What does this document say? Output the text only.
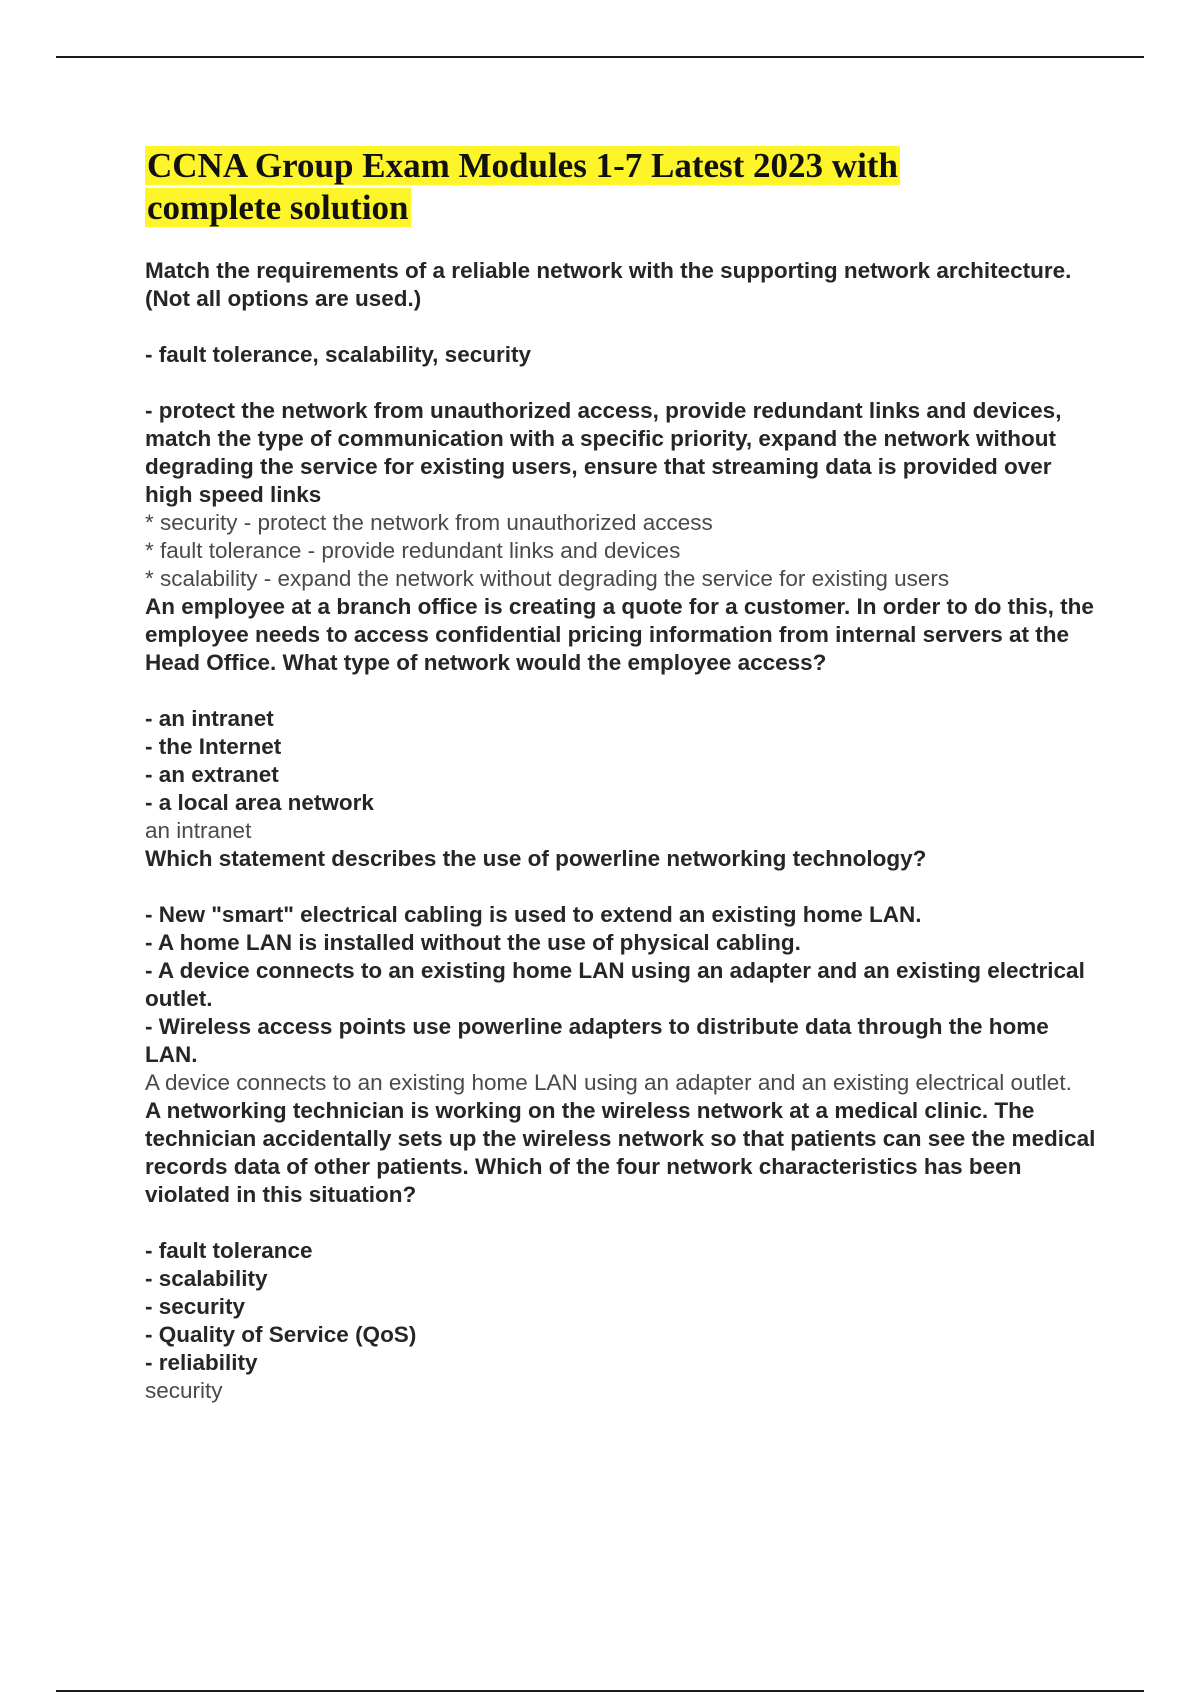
CCNA Group Exam Modules 1-7 Latest 2023 with
complete solution

Match the requirements of a reliable network with the supporting network architecture. (Not all options are used.)

- fault tolerance, scalability, security

- protect the network from unauthorized access, provide redundant links and devices, match the type of communication with a specific priority, expand the network without degrading the service for existing users, ensure that streaming data is provided over high speed links

* security - protect the network from unauthorized access

* fault tolerance - provide redundant links and devices

* scalability - expand the network without degrading the service for existing users

An employee at a branch office is creating a quote for a customer. In order to do this, the employee needs to access confidential pricing information from internal servers at the Head Office. What type of network would the employee access?

- an intranet

- the Internet

- an extranet

- a local area network

an intranet

Which statement describes the use of powerline networking technology?

- New "smart" electrical cabling is used to extend an existing home LAN.

- A home LAN is installed without the use of physical cabling.

- A device connects to an existing home LAN using an adapter and an existing electrical outlet.

- Wireless access points use powerline adapters to distribute data through the home LAN.

A device connects to an existing home LAN using an adapter and an existing electrical outlet.

A networking technician is working on the wireless network at a medical clinic. The technician accidentally sets up the wireless network so that patients can see the medical records data of other patients. Which of the four network characteristics has been violated in this situation?

- fault tolerance

- scalability

- security

- Quality of Service (QoS)

- reliability

security
